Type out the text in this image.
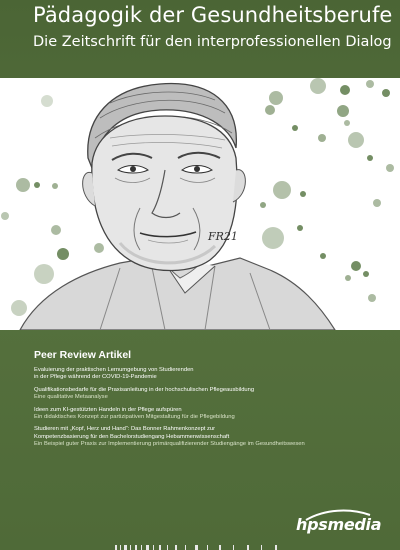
Pädagogik der Gesundheitsberufe
Die Zeitschrift für den interprofessionellen Dialog
FR21
Peer Review Artikel
Evaluierung der praktischen Lernumgebung von Studierenden
in der Pflege während der COVID-19-Pandemie
Qualifikationsbedarfe für die Praxisanleitung in der hochschulischen Pflegeausbildung
Eine qualitative Metaanalyse
Ideen zum KI-gestützten Handeln in der Pflege aufspüren
Ein didaktisches Konzept zur partizipativen Mitgestaltung für die Pflegebildung
Studieren mit „Kopf, Herz und Hand“: Das Bonner Rahmenkonzept zur
Kompetenzbasierung für den Bachelorstudiengang Hebammenwissenschaft
Ein Beispiel guter Praxis zur Implementierung primärqualifizierender Studiengänge im Gesundheitswesen
hpsmedia
